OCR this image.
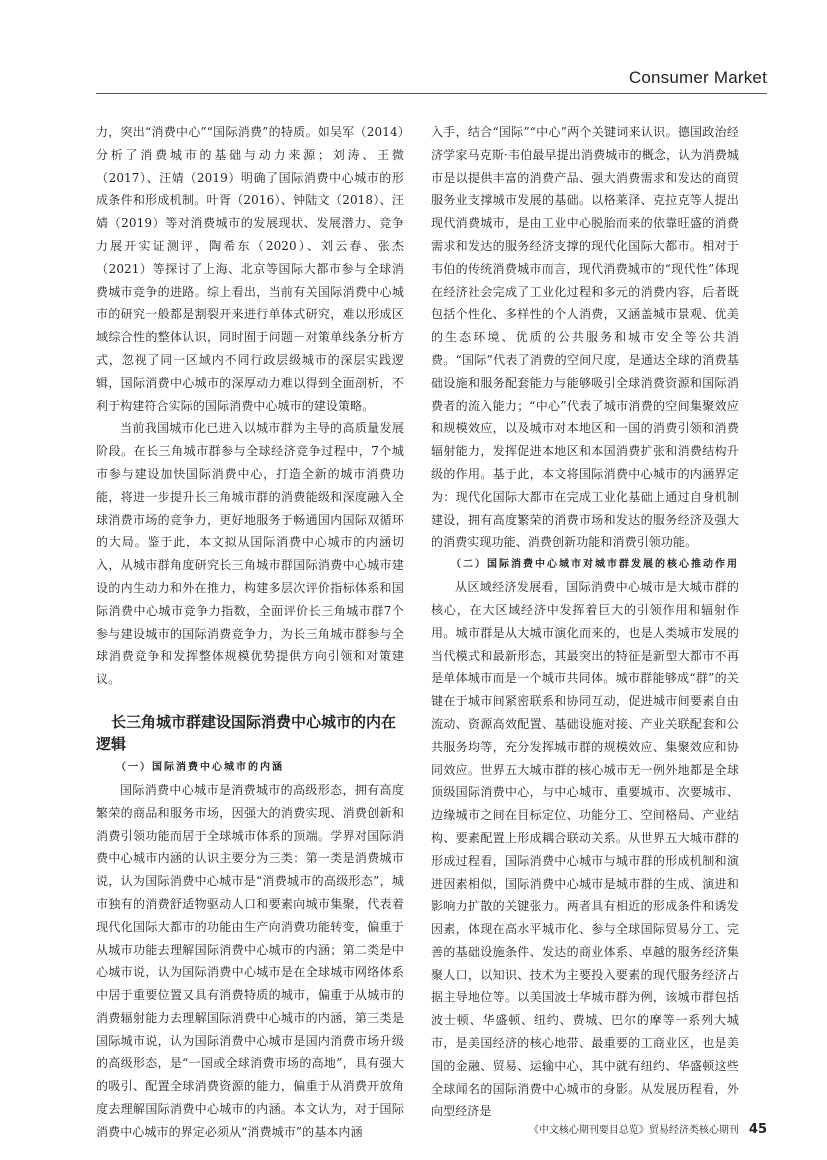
Consumer Market

力，突出“消费中心”“国际消费”的特质。如吴军（2014）分析了消费城市的基础与动力来源；刘涛、王微（2017）、汪婧（2019）明确了国际消费中心城市的形成条件和形成机制。叶胥（2016）、钟陆文（2018）、汪婧（2019）等对消费城市的发展现状、发展潜力、竞争力展开实证测评，陶希东（2020）、刘云春、张杰（2021）等探讨了上海、北京等国际大都市参与全球消费城市竞争的进路。综上看出，当前有关国际消费中心城市的研究一般都是割裂开来进行单体式研究，难以形成区域综合性的整体认识，同时囿于问题－对策单线条分析方式，忽视了同一区域内不同行政层级城市的深层实践逻辑，国际消费中心城市的深厚动力难以得到全面剖析，不利于构建符合实际的国际消费中心城市的建设策略。

当前我国城市化已进入以城市群为主导的高质量发展阶段。在长三角城市群参与全球经济竞争过程中，7个城市参与建设加快国际消费中心，打造全新的城市消费功能，将进一步提升长三角城市群的消费能级和深度融入全球消费市场的竞争力，更好地服务于畅通国内国际双循环的大局。鉴于此，本文拟从国际消费中心城市的内涵切入，从城市群角度研究长三角城市群国际消费中心城市建设的内生动力和外在推力，构建多层次评价指标体系和国际消费中心城市竞争力指数，全面评价长三角城市群7个参与建设城市的国际消费竞争力，为长三角城市群参与全球消费竞争和发挥整体规模优势提供方向引领和对策建议。

长三角城市群建设国际消费中心城市的内在逻辑
（一）国际消费中心城市的内涵

国际消费中心城市是消费城市的高级形态，拥有高度繁荣的商品和服务市场，因强大的消费实现、消费创新和消费引领功能而居于全球城市体系的顶端。学界对国际消费中心城市内涵的认识主要分为三类：第一类是消费城市说，认为国际消费中心城市是“消费城市的高级形态”，城市独有的消费舒适物驱动人口和要素向城市集聚，代表着现代化国际大都市的功能由生产向消费功能转变，偏重于从城市功能去理解国际消费中心城市的内涵；第二类是中心城市说，认为国际消费中心城市是在全球城市网络体系中居于重要位置又具有消费特质的城市，偏重于从城市的消费辐射能力去理解国际消费中心城市的内涵，第三类是国际城市说，认为国际消费中心城市是国内消费市场升级的高级形态，是“一国或全球消费市场的高地”，具有强大的吸引、配置全球消费资源的能力，偏重于从消费开放角度去理解国际消费中心城市的内涵。本文认为，对于国际消费中心城市的界定必须从“消费城市”的基本内涵

入手，结合“国际”“中心”两个关键词来认识。德国政治经济学家马克斯·韦伯最早提出消费城市的概念，认为消费城市是以提供丰富的消费产品、强大消费需求和发达的商贸服务业支撑城市发展的基础。以格莱泽、克拉克等人提出现代消费城市，是由工业中心脱胎而来的依靠旺盛的消费需求和发达的服务经济支撑的现代化国际大都市。相对于韦伯的传统消费城市而言，现代消费城市的“现代性”体现在经济社会完成了工业化过程和多元的消费内容，后者既包括个性化、多样性的个人消费，又涵盖城市景观、优美的生态环境、优质的公共服务和城市安全等公共消费。“国际”代表了消费的空间尺度，是通达全球的消费基础设施和服务配套能力与能够吸引全球消费资源和国际消费者的流入能力；“中心”代表了城市消费的空间集聚效应和规模效应，以及城市对本地区和一国的消费引领和消费辐射能力，发挥促进本地区和本国消费扩张和消费结构升级的作用。基于此，本文将国际消费中心城市的内涵界定为：现代化国际大都市在完成工业化基础上通过自身机制建设，拥有高度繁荣的消费市场和发达的服务经济及强大的消费实现功能、消费创新功能和消费引领功能。

（二）国际消费中心城市对城市群发展的核心推动作用

从区域经济发展看，国际消费中心城市是大城市群的核心，在大区域经济中发挥着巨大的引领作用和辐射作用。城市群是从大城市演化而来的，也是人类城市发展的当代模式和最新形态，其最突出的特征是新型大都市不再是单体城市而是一个城市共同体。城市群能够成“群”的关键在于城市间紧密联系和协同互动，促进城市间要素自由流动、资源高效配置、基础设施对接、产业关联配套和公共服务均等，充分发挥城市群的规模效应、集聚效应和协同效应。世界五大城市群的核心城市无一例外地都是全球顶级国际消费中心，与中心城市、重要城市、次要城市、边缘城市之间在目标定位、功能分工、空间格局、产业结构、要素配置上形成耦合联动关系。从世界五大城市群的形成过程看，国际消费中心城市与城市群的形成机制和演进因素相似，国际消费中心城市是城市群的生成、演进和影响力扩散的关键张力。两者具有相近的形成条件和诱发因素，体现在高水平城市化、参与全球国际贸易分工、完善的基础设施条件、发达的商业体系、卓越的服务经济集聚人口，以知识、技术为主要投入要素的现代服务经济占据主导地位等。以美国波士华城市群为例，该城市群包括波士顿、华盛顿、纽约、费城、巴尔的摩等一系列大城市，是美国经济的核心地带、最重要的工商业区，也是美国的金融、贸易、运输中心，其中就有纽约、华盛顿这些全球闻名的国际消费中心城市的身影。从发展历程看，外向型经济是

《中文核心期刊要目总览》贸易经济类核心期刊 45
